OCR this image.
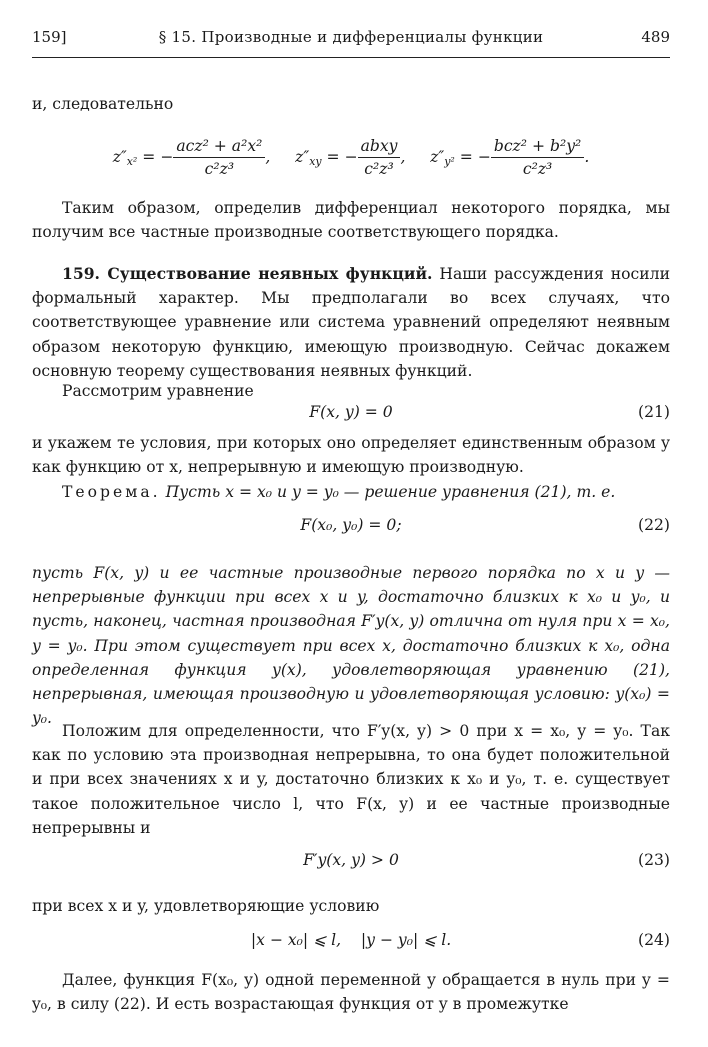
159]	§ 15. Производные и дифференциалы функции	489

и, следовательно

$z''_{x^2}$ = − $\frac{\text{acz² + a²x²}}{\text{c²z³}}$ ,     $z''_{xy}$ = − $\frac{\text{abxy}}{\text{c²z³}}$ ,     $z''_{y^2}$ = − $\frac{\text{bcz² + b²y²}}{\text{c²z³}}$ .

Таким образом, определив дифференциал некоторого порядка, мы получим все частные производные соответствующего порядка.

159. Существование неявных функций. Наши рассуждения носили формальный характер. Мы предполагали во всех случаях, что соответствующее уравнение или система уравнений определяют неявным образом некоторую функцию, имеющую производную. Сейчас докажем основную теорему существования неявных функций.

Рассмотрим уравнение

F(x, y) = 0	(21)

и укажем те условия, при которых оно определяет единственным образом y как функцию от x, непрерывную и имеющую производную.

Теорема. Пусть x = x₀ и y = y₀ — решение уравнения (21), т. е.

F(x₀, y₀) = 0;	(22)

пусть F(x, y) и ее частные производные первого порядка по x и y — непрерывные функции при всех x и y, достаточно близких к x₀ и y₀, и пусть, наконец, частная производная F′y(x, y) отлична от нуля при x = x₀, y = y₀. При этом существует при всех x, достаточно близких к x₀, одна определенная функция y(x), удовлетворяющая уравнению (21), непрерывная, имеющая производную и удовлетворяющая условию: y(x₀) = y₀.

Положим для определенности, что F′y(x, y) > 0 при x = x₀, y = y₀. Так как по условию эта производная непрерывна, то она будет положительной и при всех значениях x и y, достаточно близких к x₀ и y₀, т. е. существует такое положительное число l, что F(x, y) и ее частные производные непрерывны и

F′y(x, y) > 0	(23)

при всех x и y, удовлетворяющие условию

|x − x₀| ⩽ l,    |y − y₀| ⩽ l.	(24)

Далее, функция F(x₀, y) одной переменной y обращается в нуль при y = y₀, в силу (22). И есть возрастающая функция от y в промежутке
